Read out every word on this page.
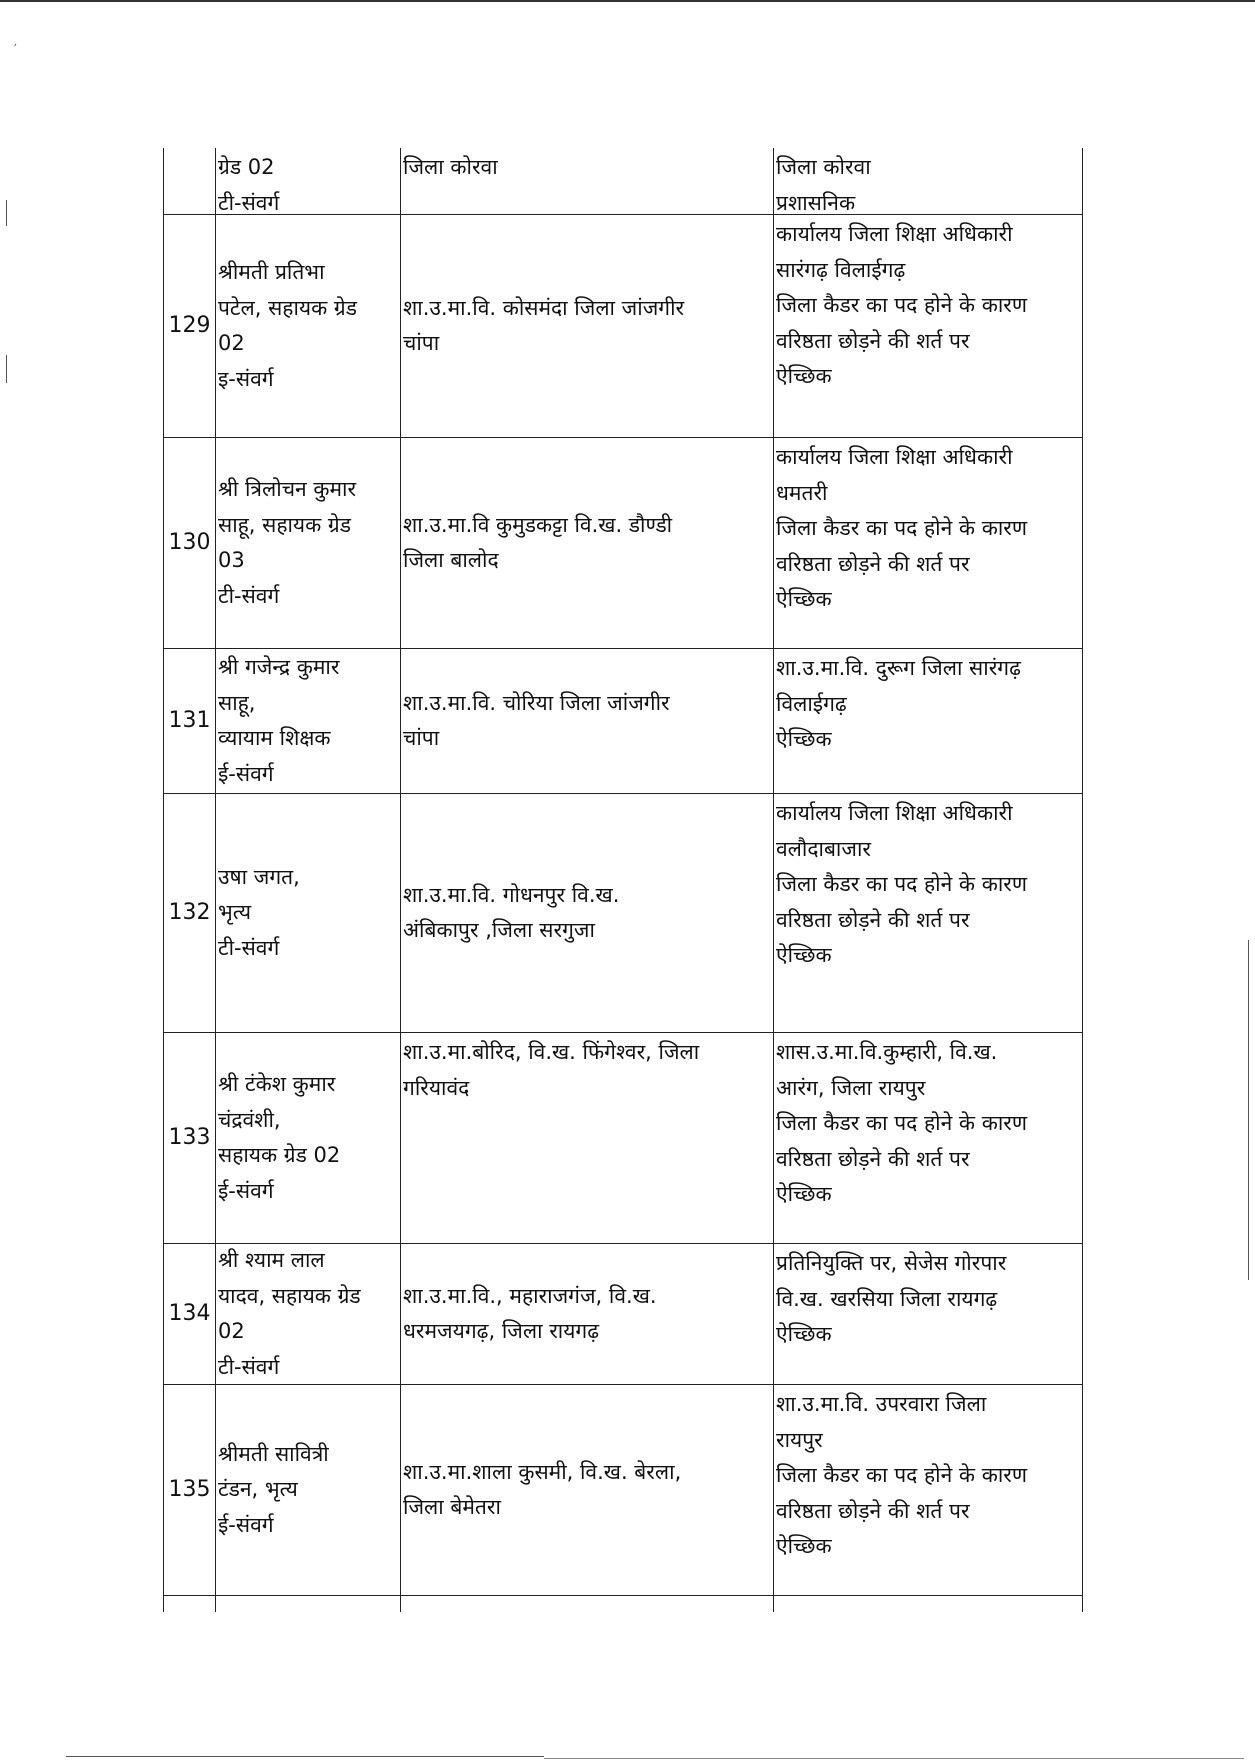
′
ग्रेड 02
टी-संवर्ग
जिला कोरवा	जिला कोरवा
प्रशासनिक
129
श्रीमती प्रतिभा
पटेल, सहायक ग्रेड
02
इ-संवर्ग
शा.उ.मा.वि. कोसमंदा जिला जांजगीर
चांपा
कार्यालय जिला शिक्षा अधिकारी
सारंगढ़ विलाईगढ़
जिला कैडर का पद होने के कारण
वरिष्ठता छोड़ने की शर्त पर
ऐच्छिक
130
श्री त्रिलोचन कुमार
साहू, सहायक ग्रेड
03
टी-संवर्ग
शा.उ.मा.वि कुमुडकट्टा वि.ख. डौण्डी
जिला बालोद
कार्यालय जिला शिक्षा अधिकारी
धमतरी
जिला कैडर का पद होने के कारण
वरिष्ठता छोड़ने की शर्त पर
ऐच्छिक
131
श्री गजेन्द्र कुमार
साहू,
व्यायाम शिक्षक
ई-संवर्ग
शा.उ.मा.वि. चोरिया जिला जांजगीर
चांपा
शा.उ.मा.वि. दुरूग जिला सारंगढ़
विलाईगढ़
ऐच्छिक
132
उषा जगत,
भृत्य
टी-संवर्ग
शा.उ.मा.वि. गोधनपुर वि.ख.
अंबिकापुर ,जिला सरगुजा
कार्यालय जिला शिक्षा अधिकारी
वलौदाबाजार
जिला कैडर का पद होने के कारण
वरिष्ठता छोड़ने की शर्त पर
ऐच्छिक
133
श्री टंकेश कुमार
चंद्रवंशी,
सहायक ग्रेड 02
ई-संवर्ग
शा.उ.मा.बोरिद, वि.ख. फिंगेश्वर, जिला
गरियावंद
शास.उ.मा.वि.कुम्हारी, वि.ख.
आरंग, जिला रायपुर
जिला कैडर का पद होने के कारण
वरिष्ठता छोड़ने की शर्त पर
ऐच्छिक
134
श्री श्याम लाल
यादव, सहायक ग्रेड
02
टी-संवर्ग
शा.उ.मा.वि., महाराजगंज, वि.ख.
धरमजयगढ़, जिला रायगढ़
प्रतिनियुक्ति पर, सेजेस गोरपार
वि.ख. खरसिया जिला रायगढ़
ऐच्छिक
135
श्रीमती सावित्री
टंडन, भृत्य
ई-संवर्ग
शा.उ.मा.शाला कुसमी, वि.ख. बेरला,
जिला बेमेतरा
शा.उ.मा.वि. उपरवारा जिला
रायपुर
जिला कैडर का पद होने के कारण
वरिष्ठता छोड़ने की शर्त पर
ऐच्छिक
